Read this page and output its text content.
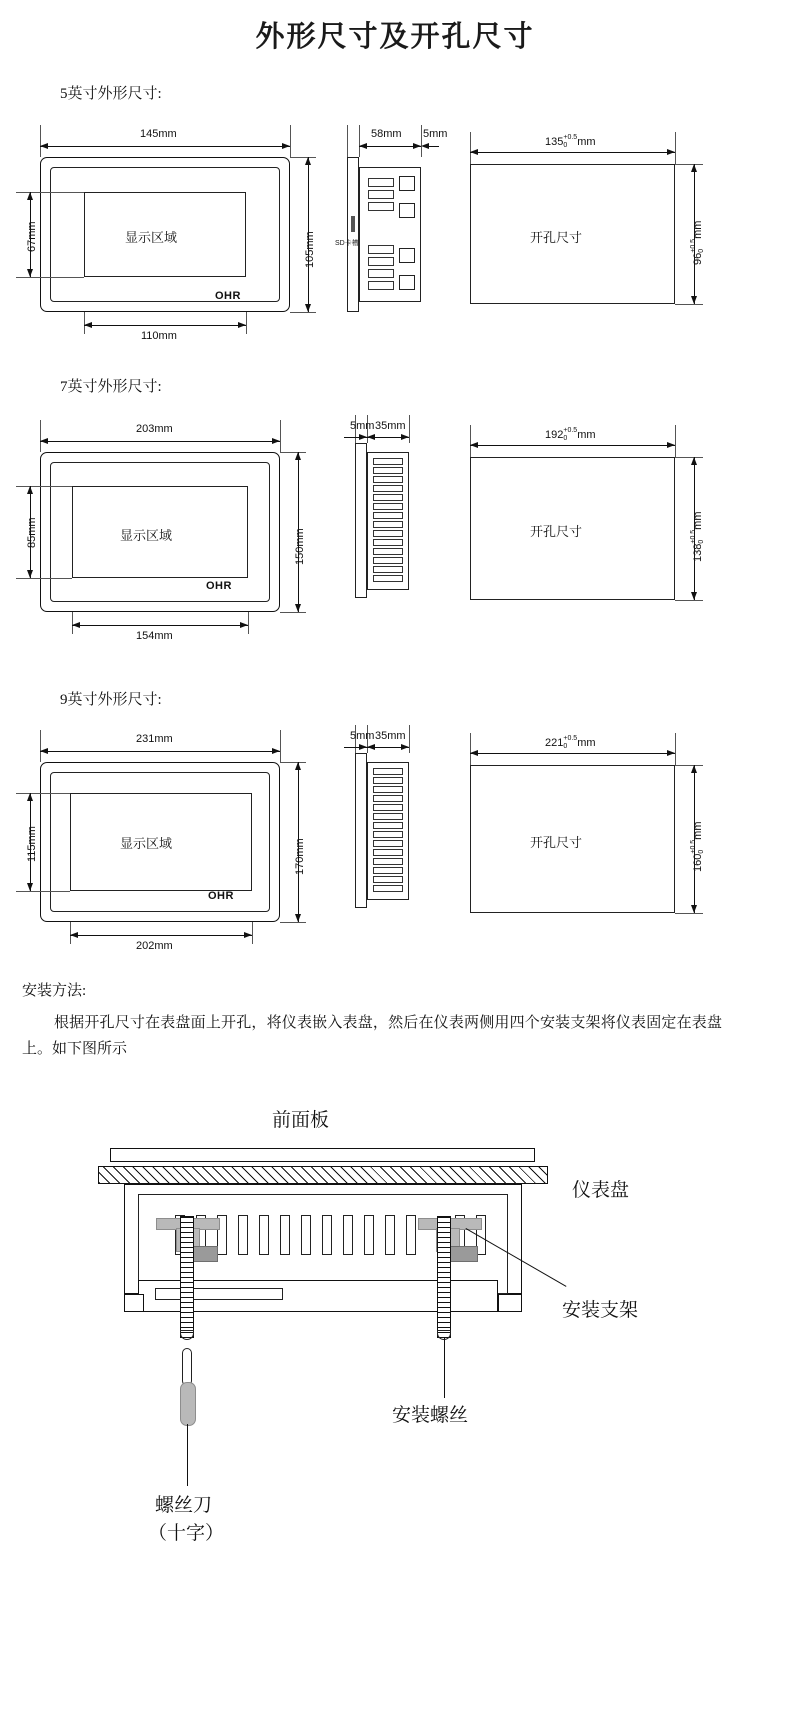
外形尺寸及开孔尺寸
5英寸外形尺寸:
显示区域
OHR
145mm
110mm
67mm	105mm	SD卡槽
58mm 5mm
开孔尺寸
135 +0.5
0 mm
96
+0.5 0
mm
7英寸外形尺寸:
显示区域
OHR
203mm
154mm
85mm	150mm
5mm 35mm
开孔尺寸
192 +0.5
0 mm
138
+0.5 0
mm
9英寸外形尺寸:
显示区域
OHR
231mm
202mm
115mm	170mm
5mm 35mm
开孔尺寸
221 +0.5
0 mm
160
+0.5 0
mm
安装方法:
根据开孔尺寸在表盘面上开孔，将仪表嵌入表盘，然后在仪表两侧用四个安装支架将仪表固定在表盘上。如下图所示
前面板
仪表盘
安装支架
安装螺丝
螺丝刀
（十字）
